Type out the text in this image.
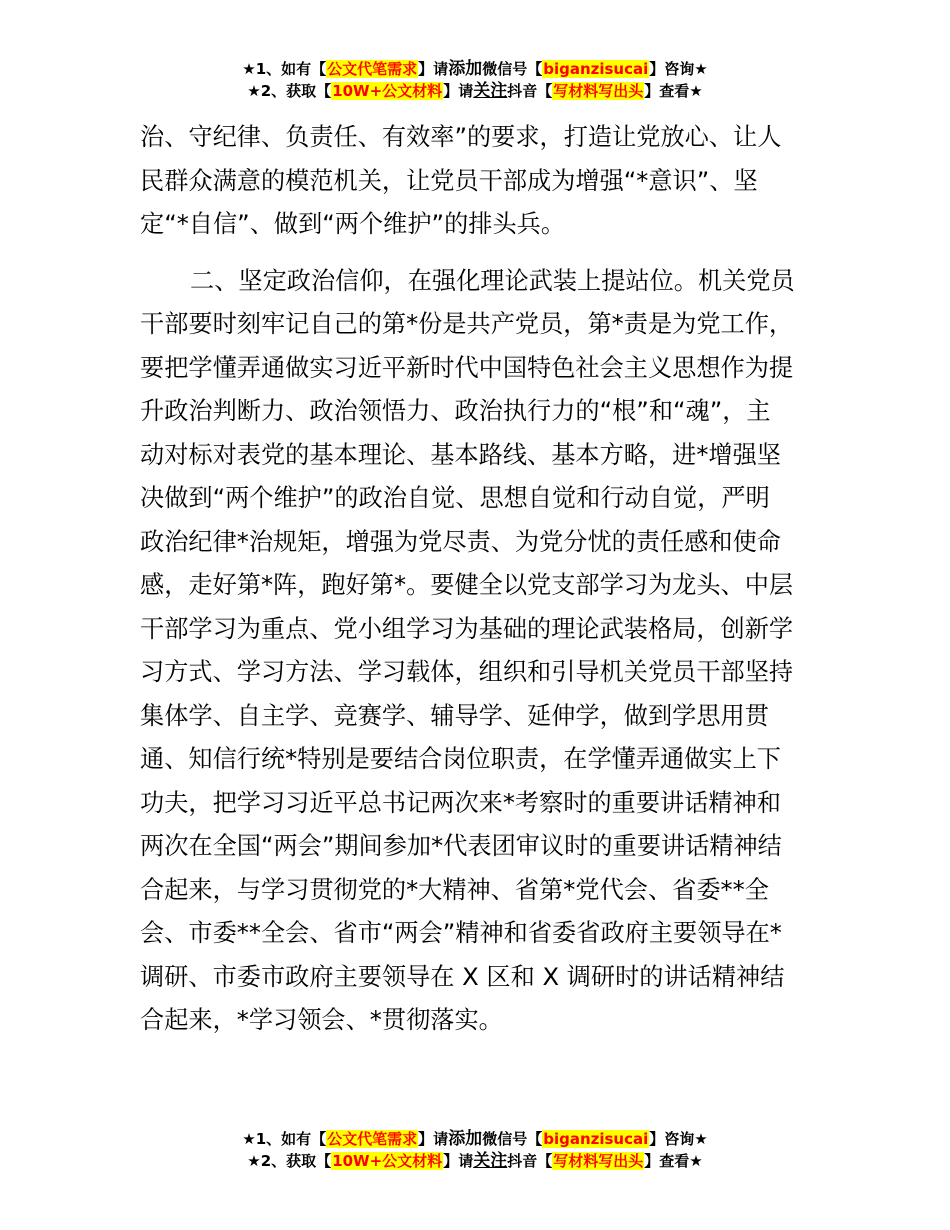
★1、如有【公文代笔需求】请添加微信号【biganzisucai】咨询★
★2、获取【10W+公文材料】请关注抖音【写材料写出头】查看★
治、守纪律、负责任、有效率”的要求，打造让党放心、让人
民群众满意的模范机关，让党员干部成为增强“*意识”、坚
定“*自信”、做到“两个维护”的排头兵。
二、坚定政治信仰，在强化理论武装上提站位。机关党员
干部要时刻牢记自己的第*份是共产党员，第*责是为党工作，
要把学懂弄通做实习近平新时代中国特色社会主义思想作为提
升政治判断力、政治领悟力、政治执行力的“根”和“魂”，主
动对标对表党的基本理论、基本路线、基本方略，进*增强坚
决做到“两个维护”的政治自觉、思想自觉和行动自觉，严明
政治纪律*治规矩，增强为党尽责、为党分忧的责任感和使命
感，走好第*阵，跑好第*。要健全以党支部学习为龙头、中层
干部学习为重点、党小组学习为基础的理论武装格局，创新学
习方式、学习方法、学习载体，组织和引导机关党员干部坚持
集体学、自主学、竞赛学、辅导学、延伸学，做到学思用贯
通、知信行统*特别是要结合岗位职责，在学懂弄通做实上下
功夫，把学习习近平总书记两次来*考察时的重要讲话精神和
两次在全国“两会”期间参加*代表团审议时的重要讲话精神结
合起来，与学习贯彻党的*大精神、省第*党代会、省委**全
会、市委**全会、省市“两会”精神和省委省政府主要领导在*
调研、市委市政府主要领导在 X 区和 X 调研时的讲话精神结
合起来，*学习领会、*贯彻落实。
★1、如有【公文代笔需求】请添加微信号【biganzisucai】咨询★
★2、获取【10W+公文材料】请关注抖音【写材料写出头】查看★
